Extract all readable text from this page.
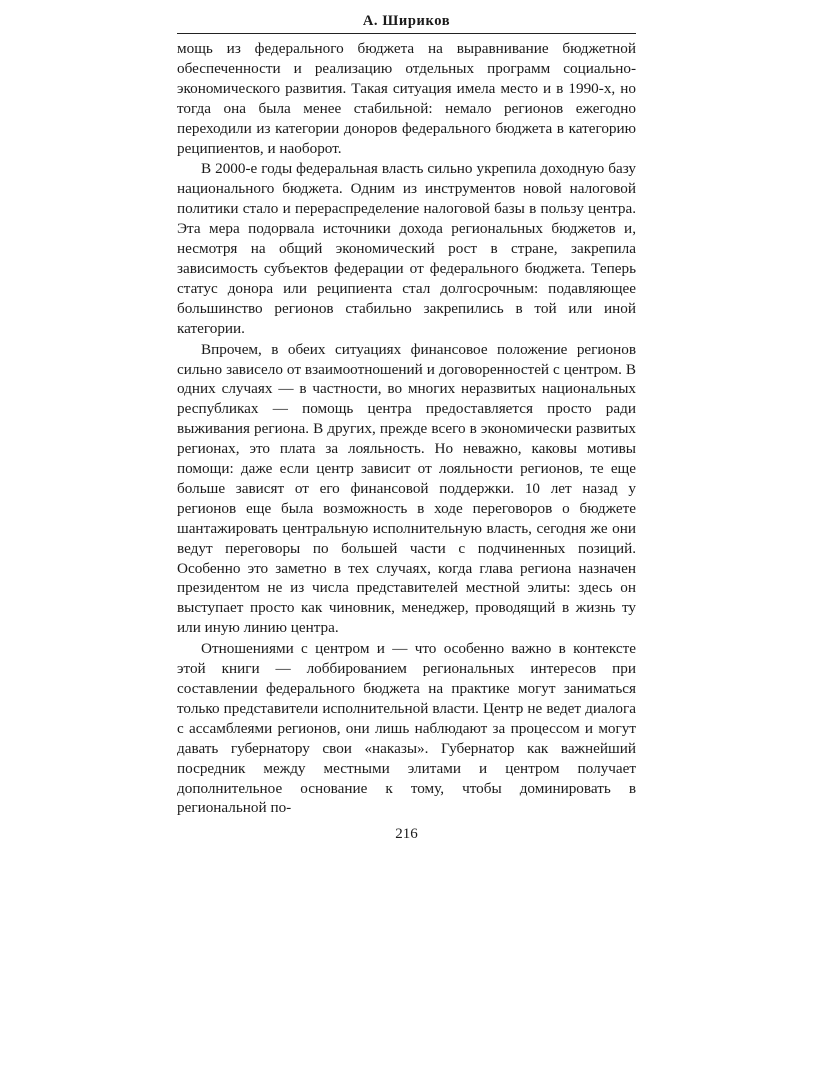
А. Шириков

мощь из федерального бюджета на выравнивание бюджетной обеспеченности и реализацию отдельных программ социально-экономического развития. Такая ситуация имела место и в 1990-х, но тогда она была менее стабильной: немало регионов ежегодно переходили из категории доноров федерального бюджета в категорию реципиентов, и наоборот.

В 2000-е годы федеральная власть сильно укрепила доходную базу национального бюджета. Одним из инструментов новой налоговой политики стало и перераспределение налоговой базы в пользу центра. Эта мера подорвала источники дохода региональных бюджетов и, несмотря на общий экономический рост в стране, закрепила зависимость субъектов федерации от федерального бюджета. Теперь статус донора или реципиента стал долгосрочным: подавляющее большинство регионов стабильно закрепились в той или иной категории.

Впрочем, в обеих ситуациях финансовое положение регионов сильно зависело от взаимоотношений и договоренностей с центром. В одних случаях — в частности, во многих неразвитых национальных республиках — помощь центра предоставляется просто ради выживания региона. В других, прежде всего в экономически развитых регионах, это плата за лояльность. Но неважно, каковы мотивы помощи: даже если центр зависит от лояльности регионов, те еще больше зависят от его финансовой поддержки. 10 лет назад у регионов еще была возможность в ходе переговоров о бюджете шантажировать центральную исполнительную власть, сегодня же они ведут переговоры по большей части с подчиненных позиций. Особенно это заметно в тех случаях, когда глава региона назначен президентом не из числа представителей местной элиты: здесь он выступает просто как чиновник, менеджер, проводящий в жизнь ту или иную линию центра.

Отношениями с центром и — что особенно важно в контексте этой книги — лоббированием региональных интересов при составлении федерального бюджета на практике могут заниматься только представители исполнительной власти. Центр не ведет диалога с ассамблеями регионов, они лишь наблюдают за процессом и могут давать губернатору свои «наказы». Губернатор как важнейший посредник между местными элитами и центром получает дополнительное основание к тому, чтобы доминировать в региональной по-

216
